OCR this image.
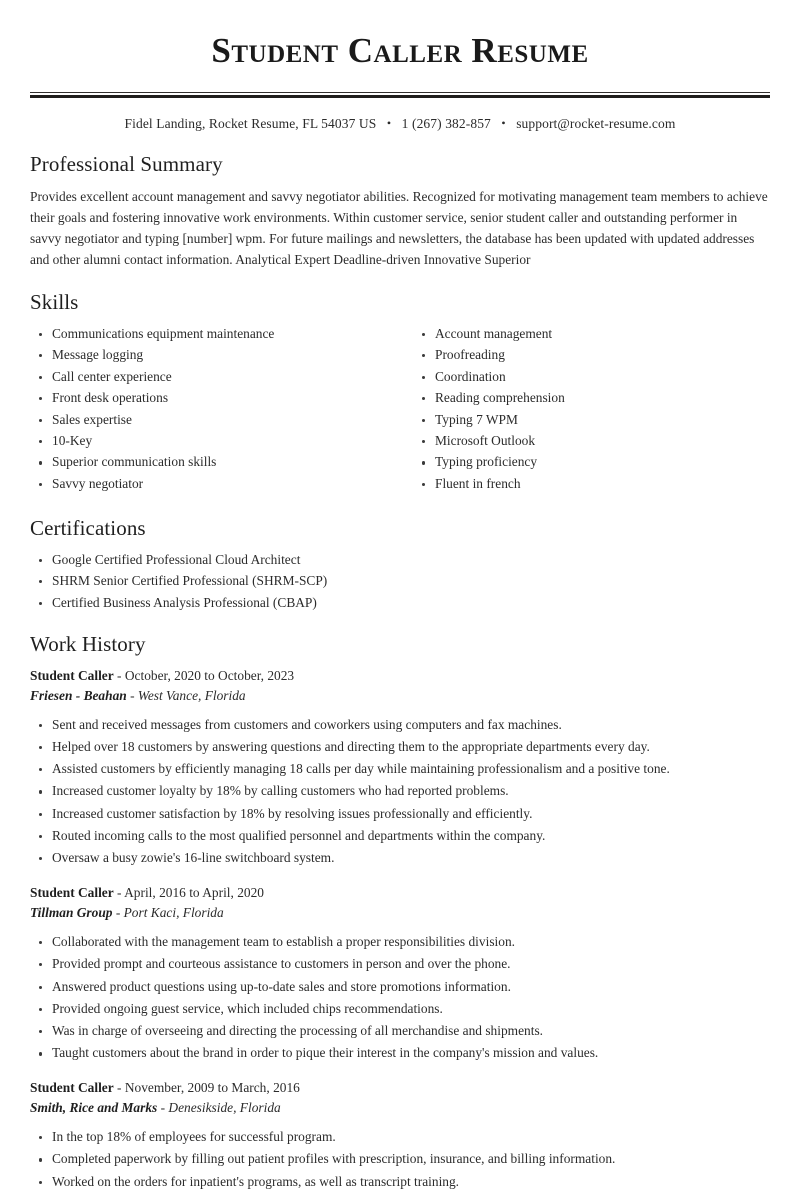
Student Caller Resume
Fidel Landing, Rocket Resume, FL 54037 US • 1 (267) 382-857 • support@rocket-resume.com
Professional Summary

Provides excellent account management and savvy negotiator abilities. Recognized for motivating management team members to achieve their goals and fostering innovative work environments. Within customer service, senior student caller and outstanding performer in savvy negotiator and typing [number] wpm. For future mailings and newsletters, the database has been updated with updated addresses and other alumni contact information. Analytical Expert Deadline-driven Innovative Superior

Skills
Communications equipment maintenance
Message logging
Call center experience
Front desk operations
Sales expertise
10-Key
Superior communication skills
Savvy negotiator
Account management
Proofreading
Coordination
Reading comprehension
Typing 7 WPM
Microsoft Outlook
Typing proficiency
Fluent in french
Certifications
Google Certified Professional Cloud Architect
SHRM Senior Certified Professional (SHRM-SCP)
Certified Business Analysis Professional (CBAP)
Work History
Student Caller - October, 2020 to October, 2023
Friesen - Beahan - West Vance, Florida
Sent and received messages from customers and coworkers using computers and fax machines.
Helped over 18 customers by answering questions and directing them to the appropriate departments every day.
Assisted customers by efficiently managing 18 calls per day while maintaining professionalism and a positive tone.
Increased customer loyalty by 18% by calling customers who had reported problems.
Increased customer satisfaction by 18% by resolving issues professionally and efficiently.
Routed incoming calls to the most qualified personnel and departments within the company.
Oversaw a busy zowie's 16-line switchboard system.
Student Caller - April, 2016 to April, 2020
Tillman Group - Port Kaci, Florida
Collaborated with the management team to establish a proper responsibilities division.
Provided prompt and courteous assistance to customers in person and over the phone.
Answered product questions using up-to-date sales and store promotions information.
Provided ongoing guest service, which included chips recommendations.
Was in charge of overseeing and directing the processing of all merchandise and shipments.
Taught customers about the brand in order to pique their interest in the company's mission and values.
Student Caller - November, 2009 to March, 2016
Smith, Rice and Marks - Denesikside, Florida
In the top 18% of employees for successful program.
Completed paperwork by filling out patient profiles with prescription, insurance, and billing information.
Worked on the orders for inpatient's programs, as well as transcript training.
